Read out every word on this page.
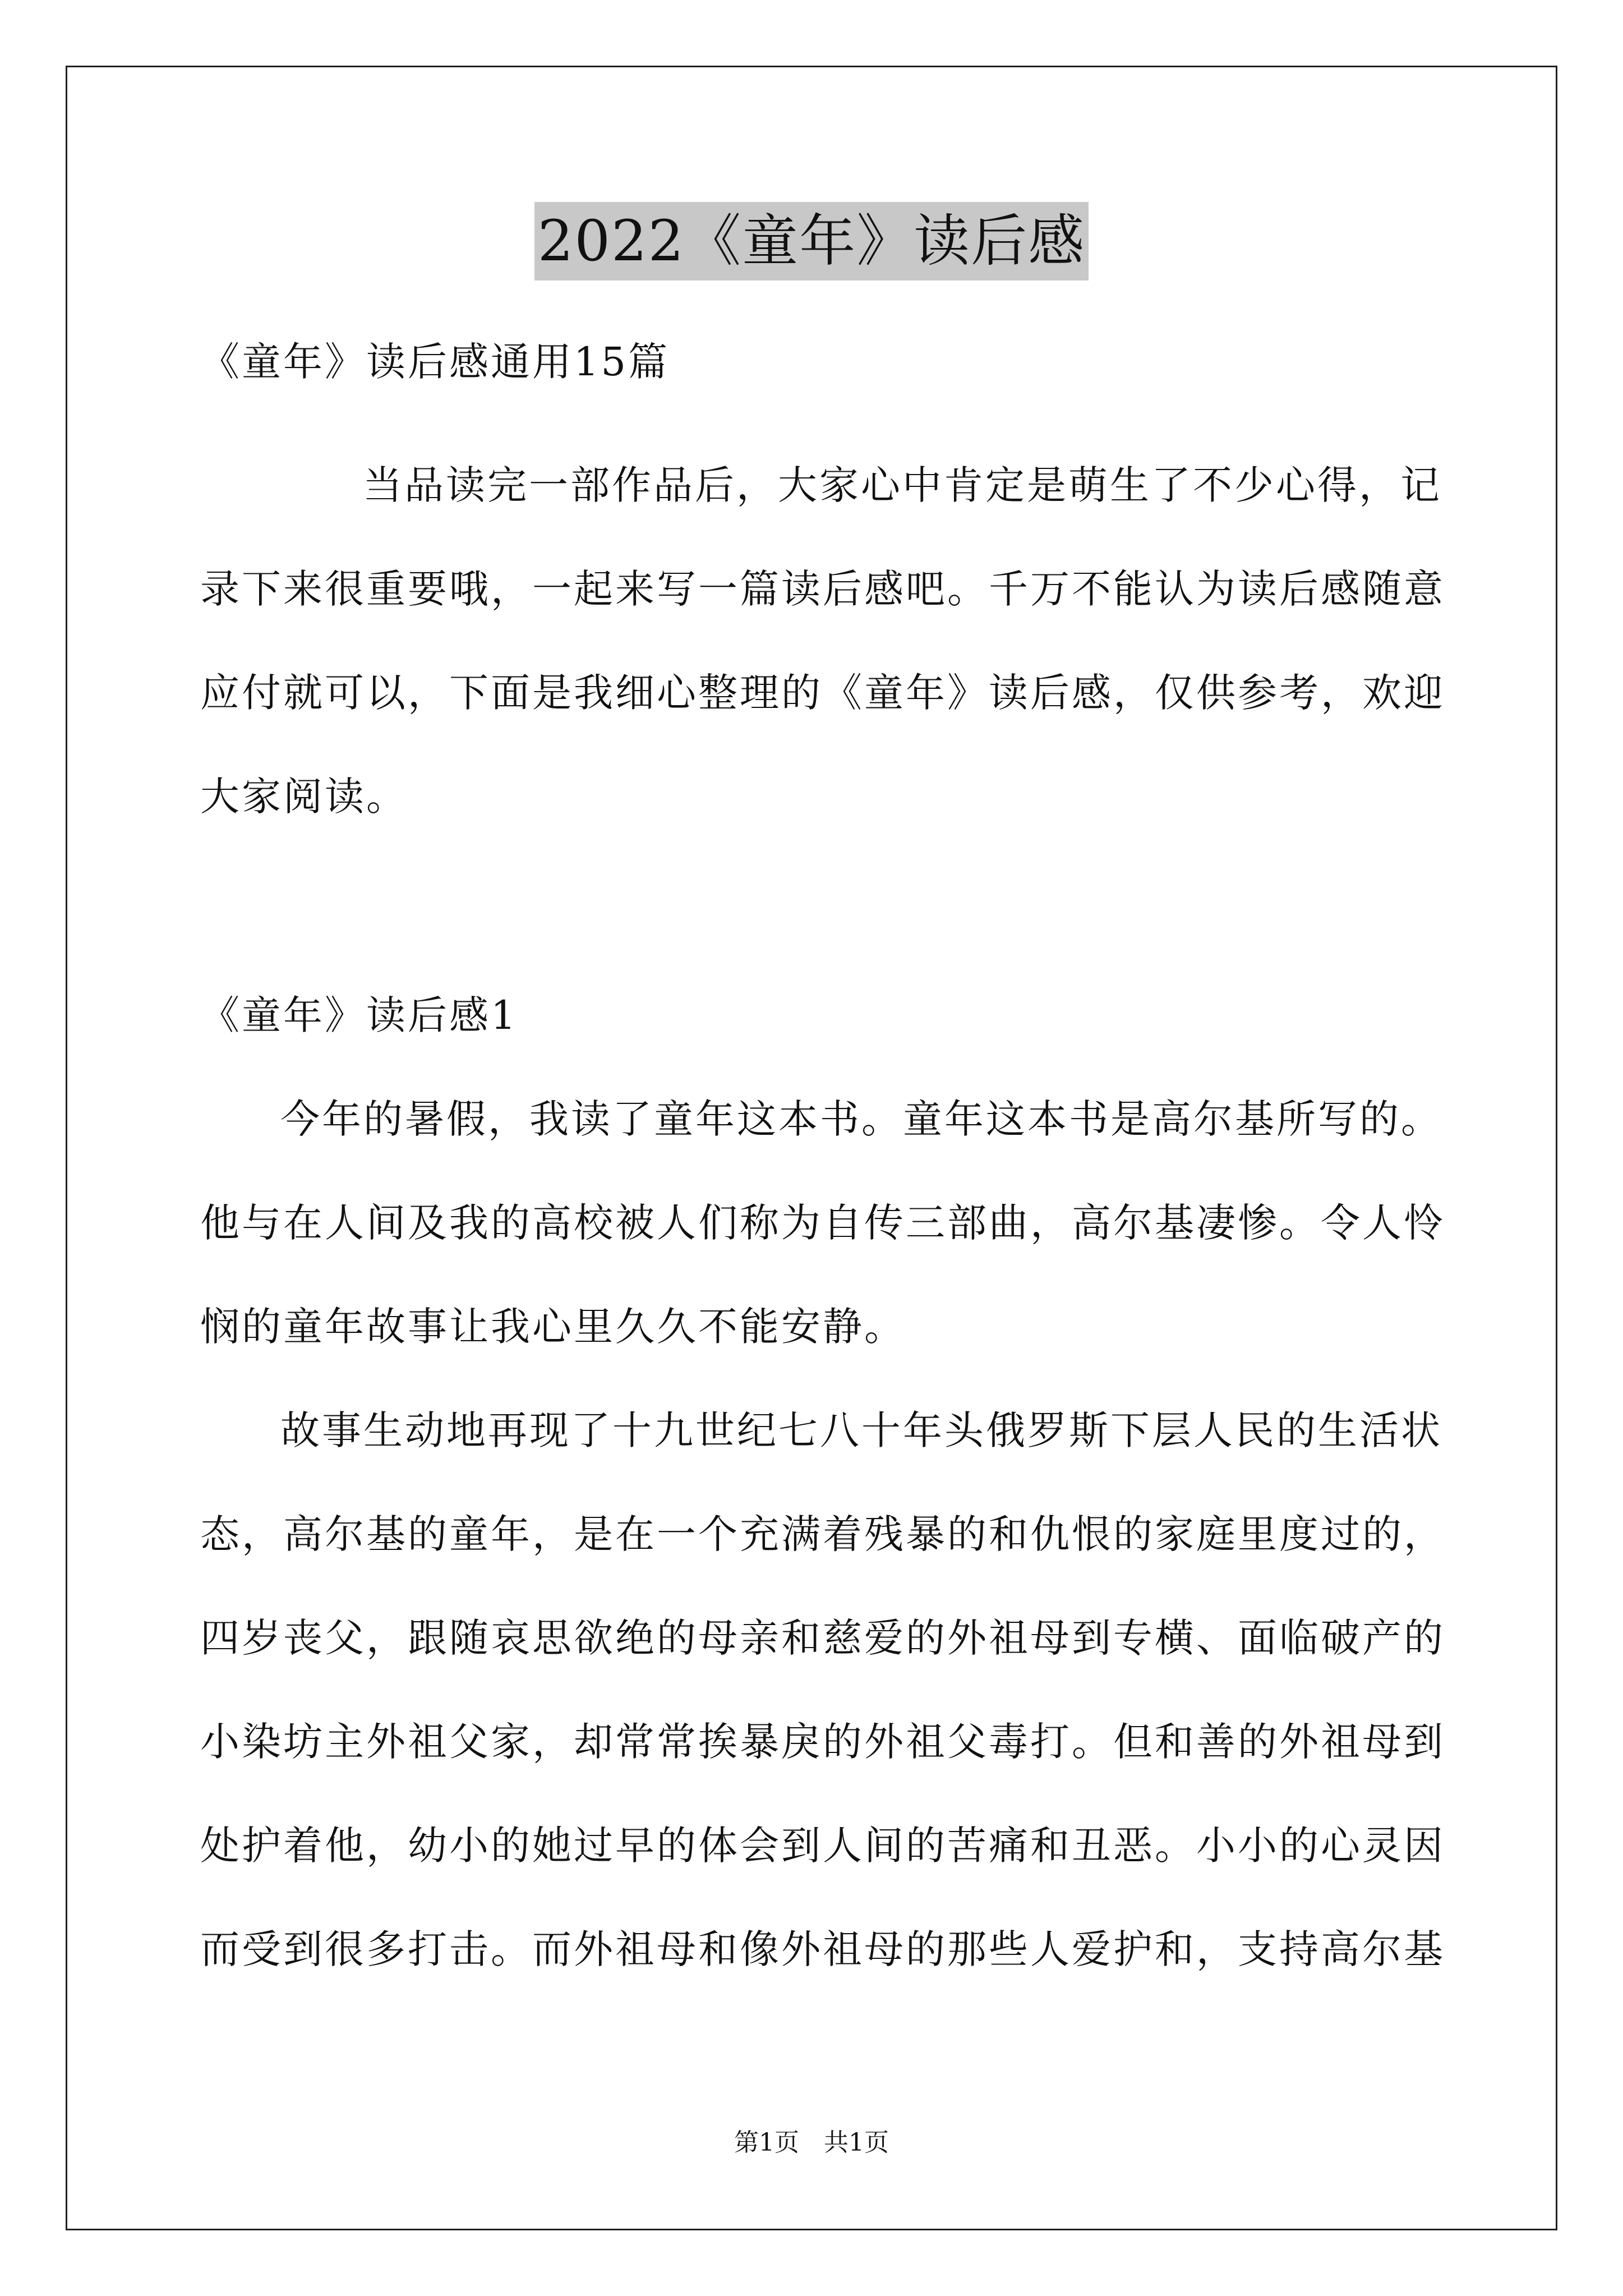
2022《童年》读后感
《童年》读后感通用15篇
当品读完一部作品后，大家心中肯定是萌生了不少心得，记
录下来很重要哦，一起来写一篇读后感吧。千万不能认为读后感随意
应付就可以，下面是我细心整理的《童年》读后感，仅供参考，欢迎
大家阅读。
《童年》读后感1
今年的暑假，我读了童年这本书。童年这本书是高尔基所写的。
他与在人间及我的高校被人们称为自传三部曲，高尔基凄惨。令人怜
悯的童年故事让我心里久久不能安静。
故事生动地再现了十九世纪七八十年头俄罗斯下层人民的生活状
态，高尔基的童年，是在一个充满着残暴的和仇恨的家庭里度过的，
四岁丧父，跟随哀思欲绝的母亲和慈爱的外祖母到专横、面临破产的
小染坊主外祖父家，却常常挨暴戾的外祖父毒打。但和善的外祖母到
处护着他，幼小的她过早的体会到人间的苦痛和丑恶。小小的心灵因
而受到很多打击。而外祖母和像外祖母的那些人爱护和，支持高尔基
第1页　共1页
